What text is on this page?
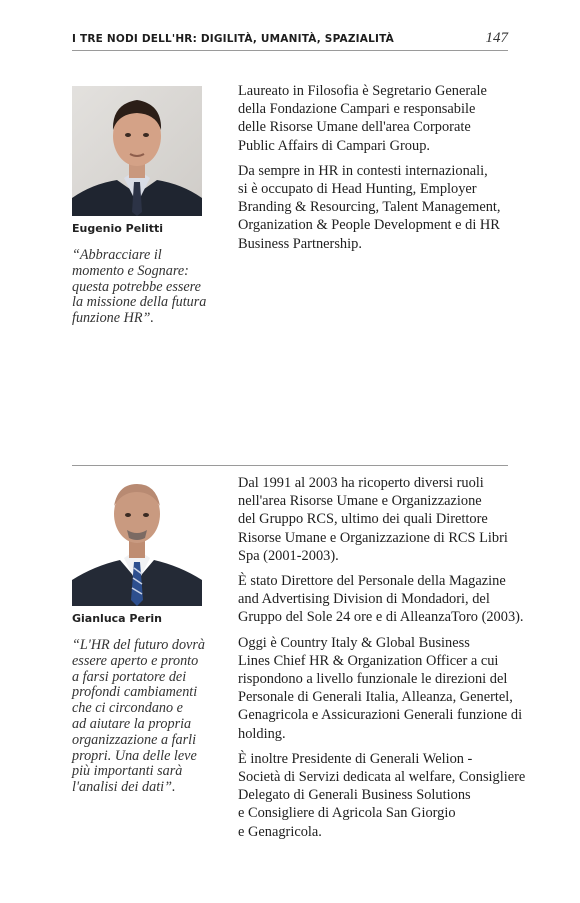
I TRE NODI DELL'HR: DIGILITÀ, UMANITÀ, SPAZIALITÀ	147
Eugenio Pelitti
“Abbracciare il
momento e Sognare:
questa potrebbe essere
la missione della futura
funzione HR”.

Laureato in Filosofia è Segretario Generale
della Fondazione Campari e responsabile
delle Risorse Umane dell'area Corporate
Public Affairs di Campari Group.

Da sempre in HR in contesti internazionali,
si è occupato di Head Hunting, Employer
Branding & Resourcing, Talent Management,
Organization & People Development e di HR
Business Partnership.

Gianluca Perin
“L'HR del futuro dovrà
essere aperto e pronto
a farsi portatore dei
profondi cambiamenti
che ci circondano e
ad aiutare la propria
organizzazione a farli
propri. Una delle leve
più importanti sarà
l'analisi dei dati”.

Dal 1991 al 2003 ha ricoperto diversi ruoli
nell'area Risorse Umane e Organizzazione
del Gruppo RCS, ultimo dei quali Direttore
Risorse Umane e Organizzazione di RCS Libri
Spa (2001-2003).

È stato Direttore del Personale della Magazine
and Advertising Division di Mondadori, del
Gruppo del Sole 24 ore e di AlleanzaToro (2003).

Oggi è Country Italy & Global Business
Lines Chief HR & Organization Officer a cui
rispondono a livello funzionale le direzioni del
Personale di Generali Italia, Alleanza, Genertel,
Genagricola e Assicurazioni Generali funzione di
holding.

È inoltre Presidente di Generali Welion -
Società di Servizi dedicata al welfare, Consigliere
Delegato di Generali Business Solutions
e Consigliere di Agricola San Giorgio
e Genagricola.
